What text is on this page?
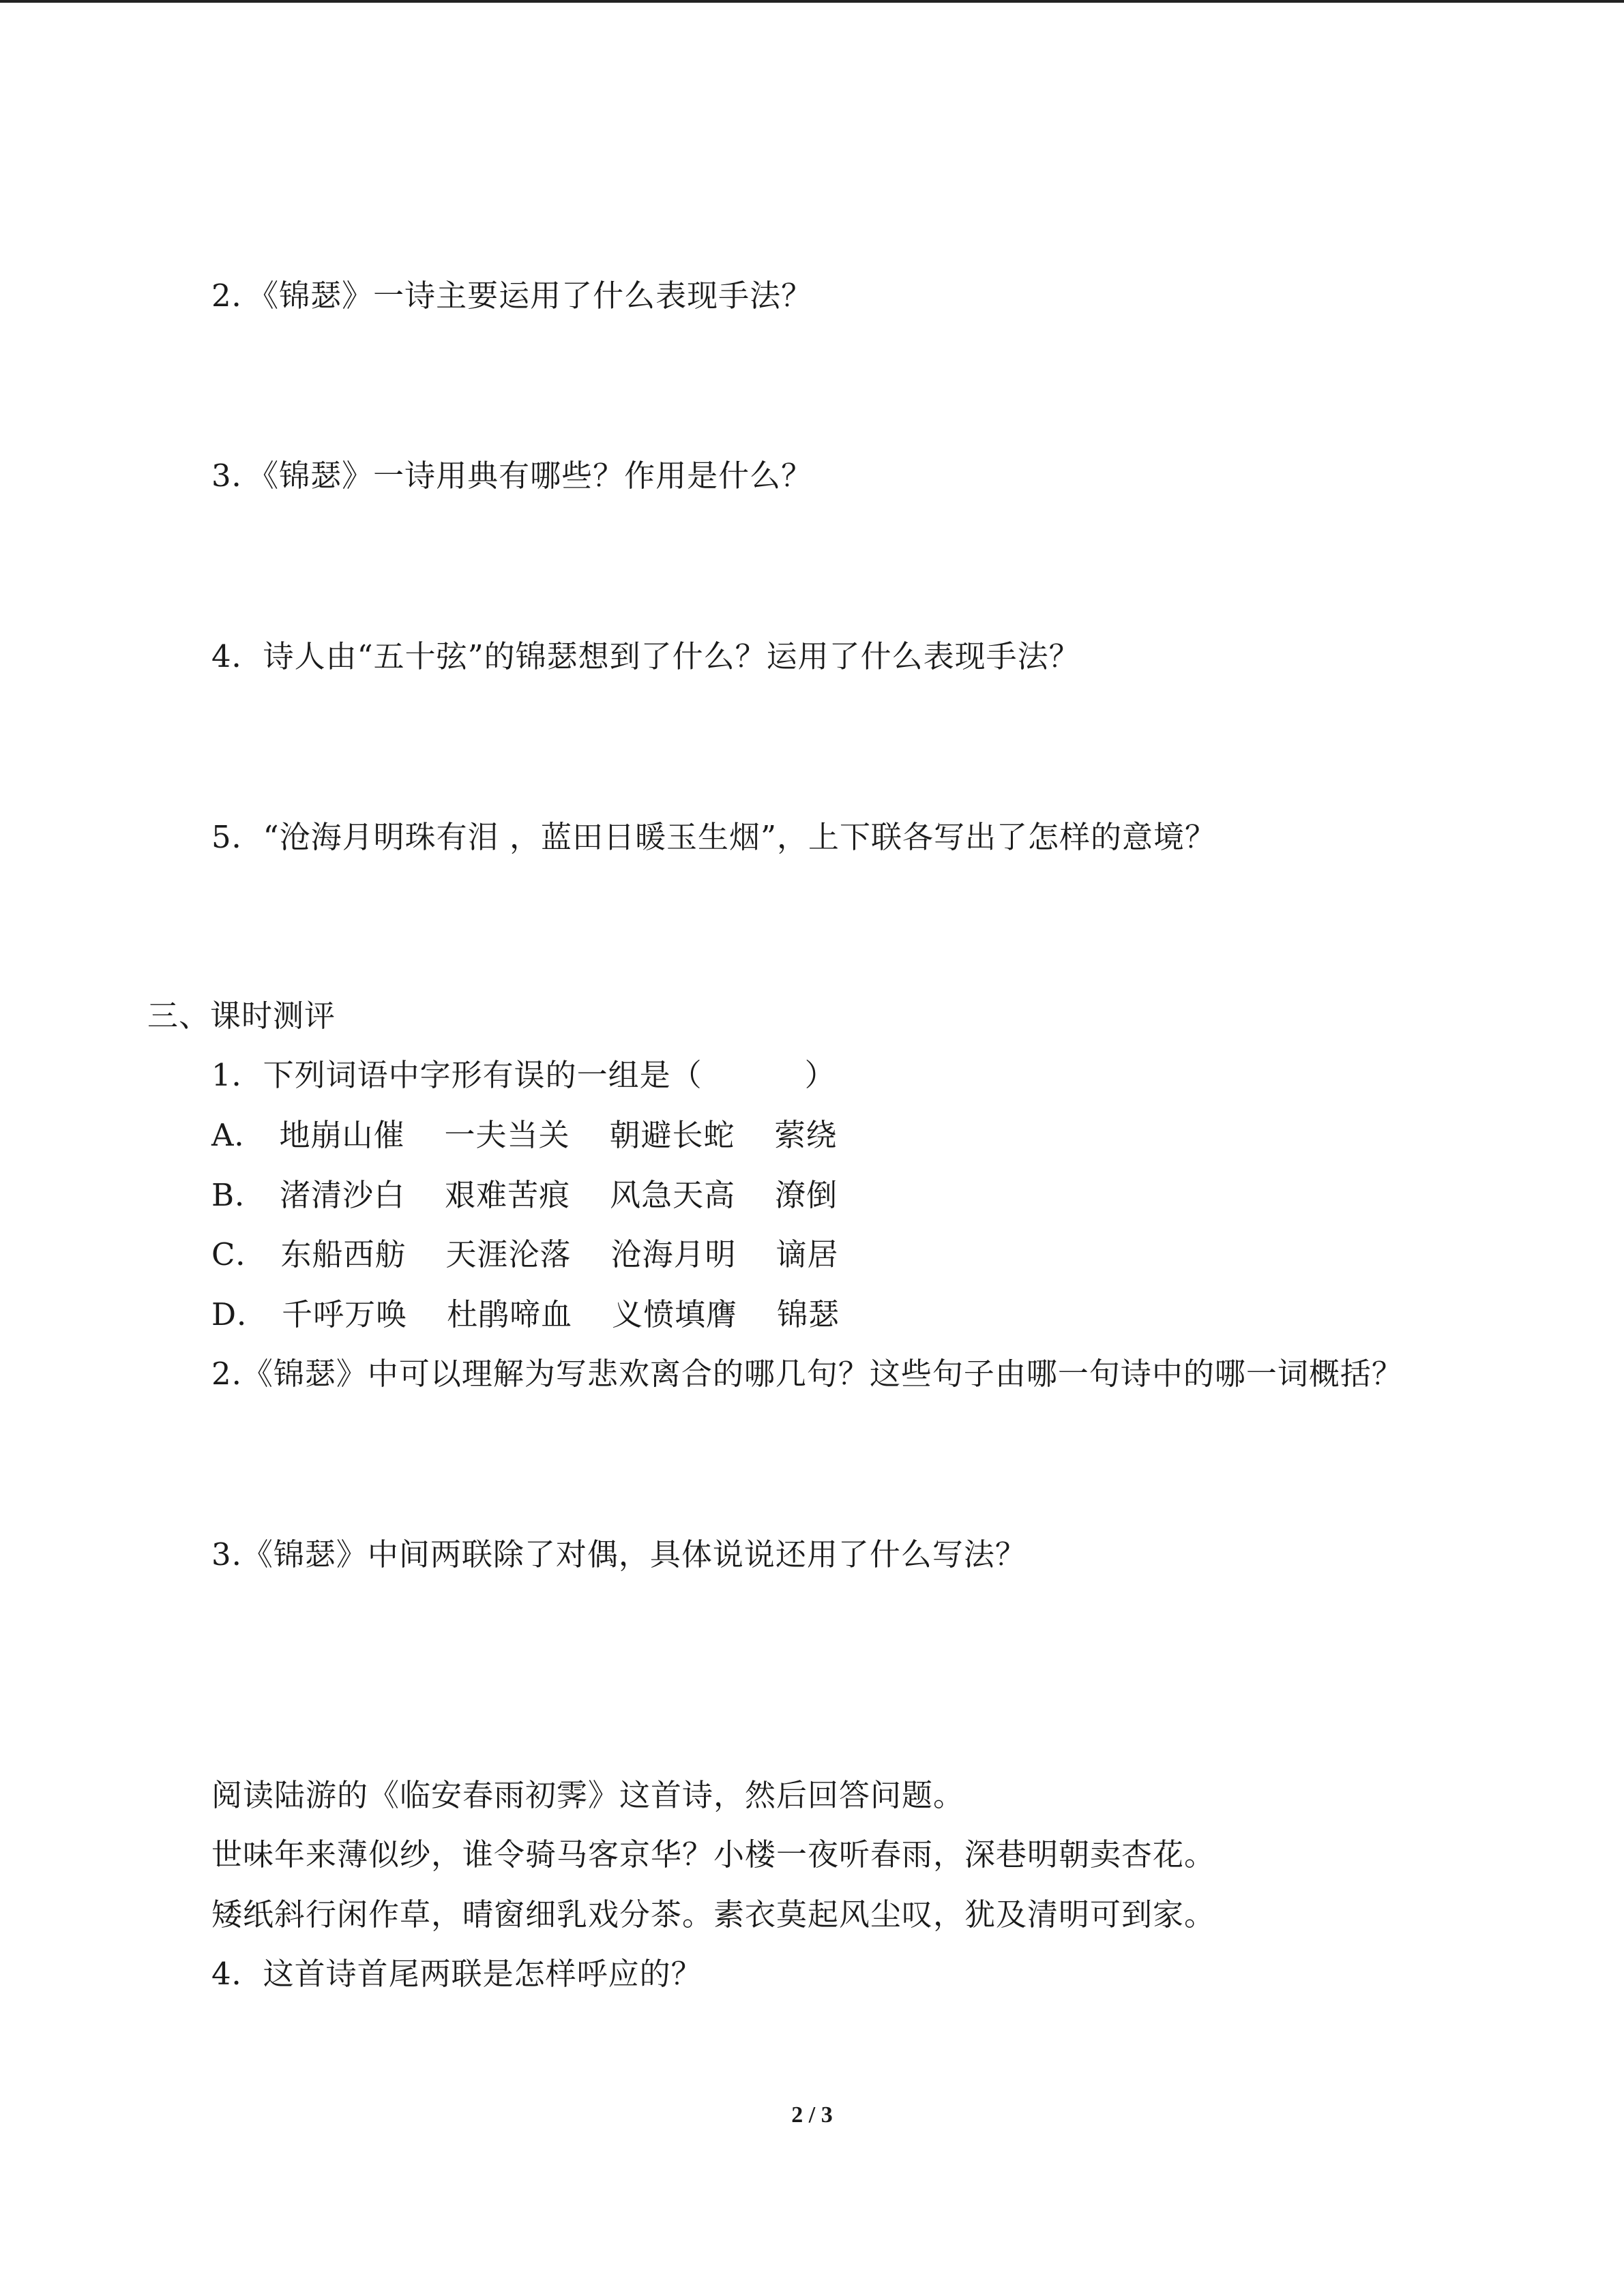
2．《锦瑟》一诗主要运用了什么表现手法？
3．《锦瑟》一诗用典有哪些？作用是什么？
4．诗人由“五十弦”的锦瑟想到了什么？运用了什么表现手法？
5．“沧海月明珠有泪 ，蓝田日暖玉生烟”，上下联各写出了怎样的意境？
三、课时测评
1．下列词语中字形有误的一组是（	）
A． 地崩山催 一夫当关 朝避长蛇 萦绕
B． 渚清沙白 艰难苦痕 风急天高 潦倒
C． 东船西舫 天涯沦落 沧海月明 谪居
D． 千呼万唤 杜鹃啼血 义愤填膺 锦瑟
2.《锦瑟》中可以理解为写悲欢离合的哪几句？这些句子由哪一句诗中的哪一词概括？
3.《锦瑟》中间两联除了对偶，具体说说还用了什么写法？
阅读陆游的《临安春雨初霁》这首诗，然后回答问题。
世味年来薄似纱，谁令骑马客京华？小楼一夜听春雨，深巷明朝卖杏花。
矮纸斜行闲作草，晴窗细乳戏分茶。素衣莫起风尘叹，犹及清明可到家。
4．这首诗首尾两联是怎样呼应的？
2 / 3
